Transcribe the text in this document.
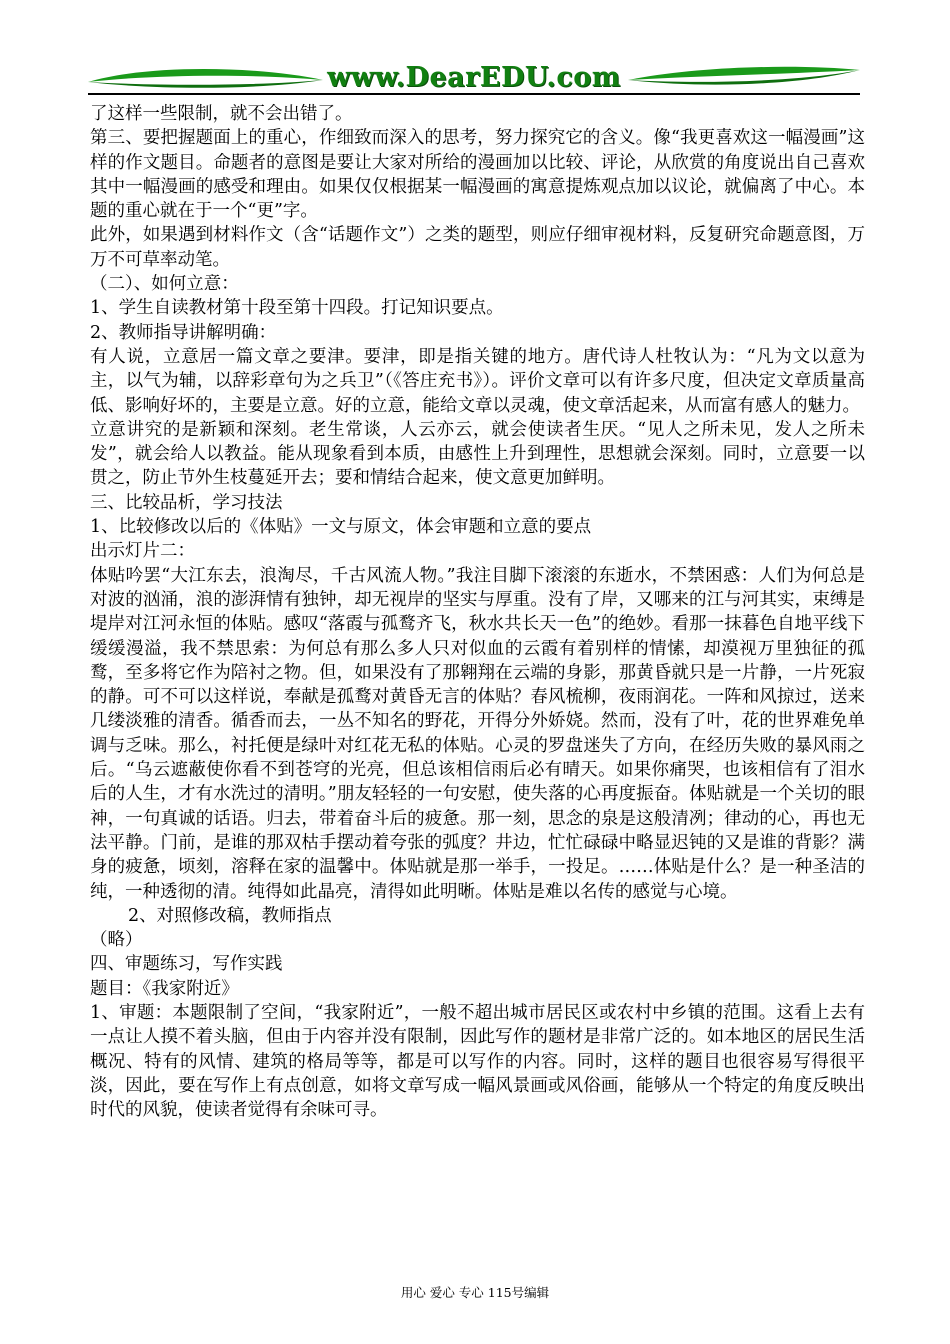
www.DearEDU.com

了这样一些限制，就不会出错了。

第三、要把握题面上的重心，作细致而深入的思考，努力探究它的含义。像“我更喜欢这一幅漫画”这样的作文题目。命题者的意图是要让大家对所给的漫画加以比较、评论，从欣赏的角度说出自己喜欢其中一幅漫画的感受和理由。如果仅仅根据某一幅漫画的寓意提炼观点加以议论，就偏离了中心。本题的重心就在于一个“更”字。

此外，如果遇到材料作文（含“话题作文”）之类的题型，则应仔细审视材料，反复研究命题意图，万万不可草率动笔。

（二）、如何立意：

1、学生自读教材第十段至第十四段。打记知识要点。

2、教师指导讲解明确：

有人说，立意居一篇文章之要津。要津，即是指关键的地方。唐代诗人杜牧认为：“凡为文以意为主，以气为辅，以辞彩章句为之兵卫”（《答庄充书》）。评价文章可以有许多尺度，但决定文章质量高低、影响好坏的，主要是立意。好的立意，能给文章以灵魂，使文章活起来，从而富有感人的魅力。

立意讲究的是新颖和深刻。老生常谈，人云亦云，就会使读者生厌。“见人之所未见，发人之所未发”，就会给人以教益。能从现象看到本质，由感性上升到理性，思想就会深刻。同时，立意要一以贯之，防止节外生枝蔓延开去；要和情结合起来，使文意更加鲜明。

三、比较品析，学习技法

1、比较修改以后的《体贴》一文与原文，体会审题和立意的要点

出示灯片二：

体贴吟罢“大江东去，浪淘尽，千古风流人物。”我注目脚下滚滚的东逝水，不禁困惑：人们为何总是对波的汹涌，浪的澎湃情有独钟，却无视岸的坚实与厚重。没有了岸，又哪来的江与河其实，束缚是堤岸对江河永恒的体贴。感叹“落霞与孤鹜齐飞，秋水共长天一色”的绝妙。看那一抹暮色自地平线下缓缓漫溢，我不禁思索：为何总有那么多人只对似血的云霞有着别样的情愫，却漠视万里独征的孤鹜，至多将它作为陪衬之物。但，如果没有了那翱翔在云端的身影，那黄昏就只是一片静，一片死寂的静。可不可以这样说，奉献是孤鹜对黄昏无言的体贴？春风梳柳，夜雨润花。一阵和风掠过，送来几缕淡雅的清香。循香而去，一丛不知名的野花，开得分外娇娆。然而，没有了叶，花的世界难免单调与乏味。那么，衬托便是绿叶对红花无私的体贴。心灵的罗盘迷失了方向，在经历失败的暴风雨之后。“乌云遮蔽使你看不到苍穹的光亮，但总该相信雨后必有晴天。如果你痛哭，也该相信有了泪水后的人生，才有水洗过的清明。”朋友轻轻的一句安慰，使失落的心再度振奋。体贴就是一个关切的眼神，一句真诚的话语。归去，带着奋斗后的疲惫。那一刻，思念的泉是这般清冽；律动的心，再也无法平静。门前，是谁的那双枯手摆动着夸张的弧度？井边，忙忙碌碌中略显迟钝的又是谁的背影？满身的疲惫，顷刻，溶释在家的温馨中。体贴就是那一举手，一投足。……体贴是什么？是一种圣洁的纯，一种透彻的清。纯得如此晶亮，清得如此明晰。体贴是难以名传的感觉与心境。

2、对照修改稿，教师指点

（略）

四、审题练习，写作实践

题目：《我家附近》

1、审题：本题限制了空间，“我家附近”，一般不超出城市居民区或农村中乡镇的范围。这看上去有一点让人摸不着头脑，但由于内容并没有限制，因此写作的题材是非常广泛的。如本地区的居民生活概况、特有的风情、建筑的格局等等，都是可以写作的内容。同时，这样的题目也很容易写得很平淡，因此，要在写作上有点创意，如将文章写成一幅风景画或风俗画，能够从一个特定的角度反映出时代的风貌，使读者觉得有余味可寻。

用心 爱心 专心 115号编辑
